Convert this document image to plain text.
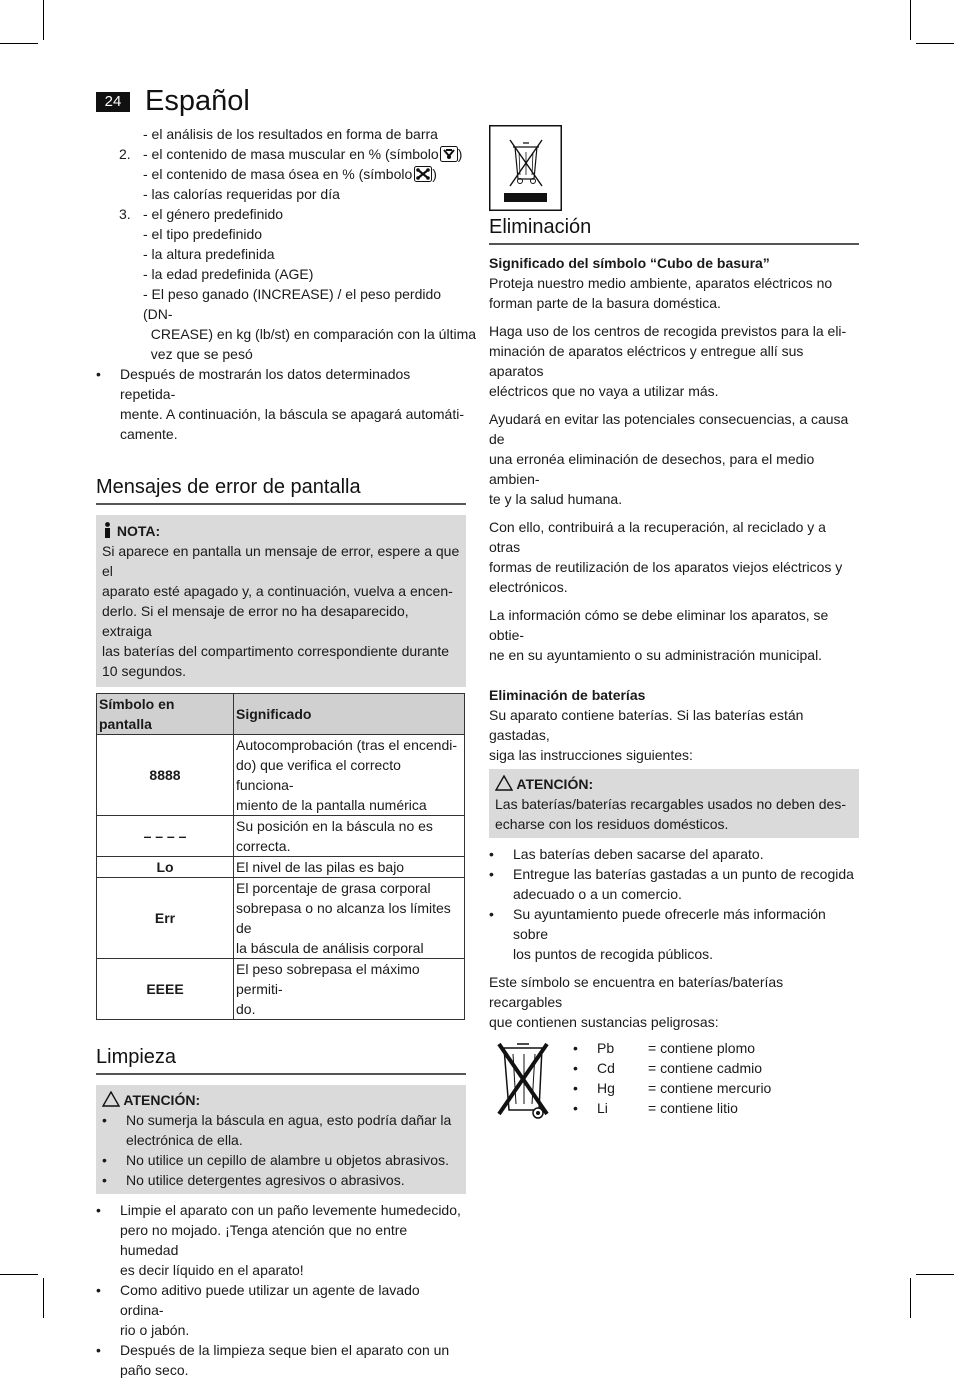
24 Español
- el análisis de los resultados en forma de barra
2. - el contenido de masa muscular en % (símbolo )
- el contenido de masa ósea en % (símbolo )
- las calorías requeridas por día
3. - el género predefinido
- el tipo predefinido
- la altura predefinida
- la edad predefinida (AGE)
- El peso ganado (INCREASE) / el peso perdido (DN-
CREASE) en kg (lb/st) en comparación con la última
vez que se pesó
• Después de mostrarán los datos determinados repetida-
mente. A continuación, la báscula se apagará automáti-
camente.
Mensajes de error de pantalla
NOTA:
Si aparece en pantalla un mensaje de error, espere a que el
aparato esté apagado y, a continuación, vuelva a encen-
derlo. Si el mensaje de error no ha desaparecido, extraiga
las baterías del compartimento correspondiente durante
10 segundos.
Símbolo en pantalla	Significado
8888	Autocomprobación (tras el encendi-
do) que verifica el correcto funciona-
miento de la pantalla numérica
– – – –	Su posición en la báscula no es
correcta.
Lo	El nivel de las pilas es bajo
Err	El porcentaje de grasa corporal
sobrepasa o no alcanza los límites de
la báscula de análisis corporal
EEEE	El peso sobrepasa el máximo permiti-
do.
Limpieza
ATENCIÓN:
• No sumerja la báscula en agua, esto podría dañar la
electrónica de ella.
• No utilice un cepillo de alambre u objetos abrasivos.
• No utilice detergentes agresivos o abrasivos.
• Limpie el aparato con un paño levemente humedecido,
pero no mojado. ¡Tenga atención que no entre humedad
es decir líquido en el aparato!
• Como aditivo puede utilizar un agente de lavado ordina-
rio o jabón.
• Después de la limpieza seque bien el aparato con un
paño seco.
Eliminación
Significado del símbolo “Cubo de basura”
Proteja nuestro medio ambiente, aparatos eléctricos no
forman parte de la basura doméstica.
Haga uso de los centros de recogida previstos para la eli-
minación de aparatos eléctricos y entregue allí sus aparatos
eléctricos que no vaya a utilizar más.
Ayudará en evitar las potenciales consecuencias, a causa de
una erronéa eliminación de desechos, para el medio ambien-
te y la salud humana.
Con ello, contribuirá a la recuperación, al reciclado y a otras
formas de reutilización de los aparatos viejos eléctricos y
electrónicos.
La información cómo se debe eliminar los aparatos, se obtie-
ne en su ayuntamiento o su administración municipal.
Eliminación de baterías
Su aparato contiene baterías. Si las baterías están gastadas,
siga las instrucciones siguientes:
ATENCIÓN:
Las baterías/baterías recargables usados no deben des-
echarse con los residuos domésticos.
• Las baterías deben sacarse del aparato.
• Entregue las baterías gastadas a un punto de recogida
adecuado o a un comercio.
• Su ayuntamiento puede ofrecerle más información sobre
los puntos de recogida públicos.
Este símbolo se encuentra en baterías/baterías recargables
que contienen sustancias peligrosas:
• Pb = contiene plomo
• Cd = contiene cadmio
• Hg = contiene mercurio
• Li	= contiene litio
